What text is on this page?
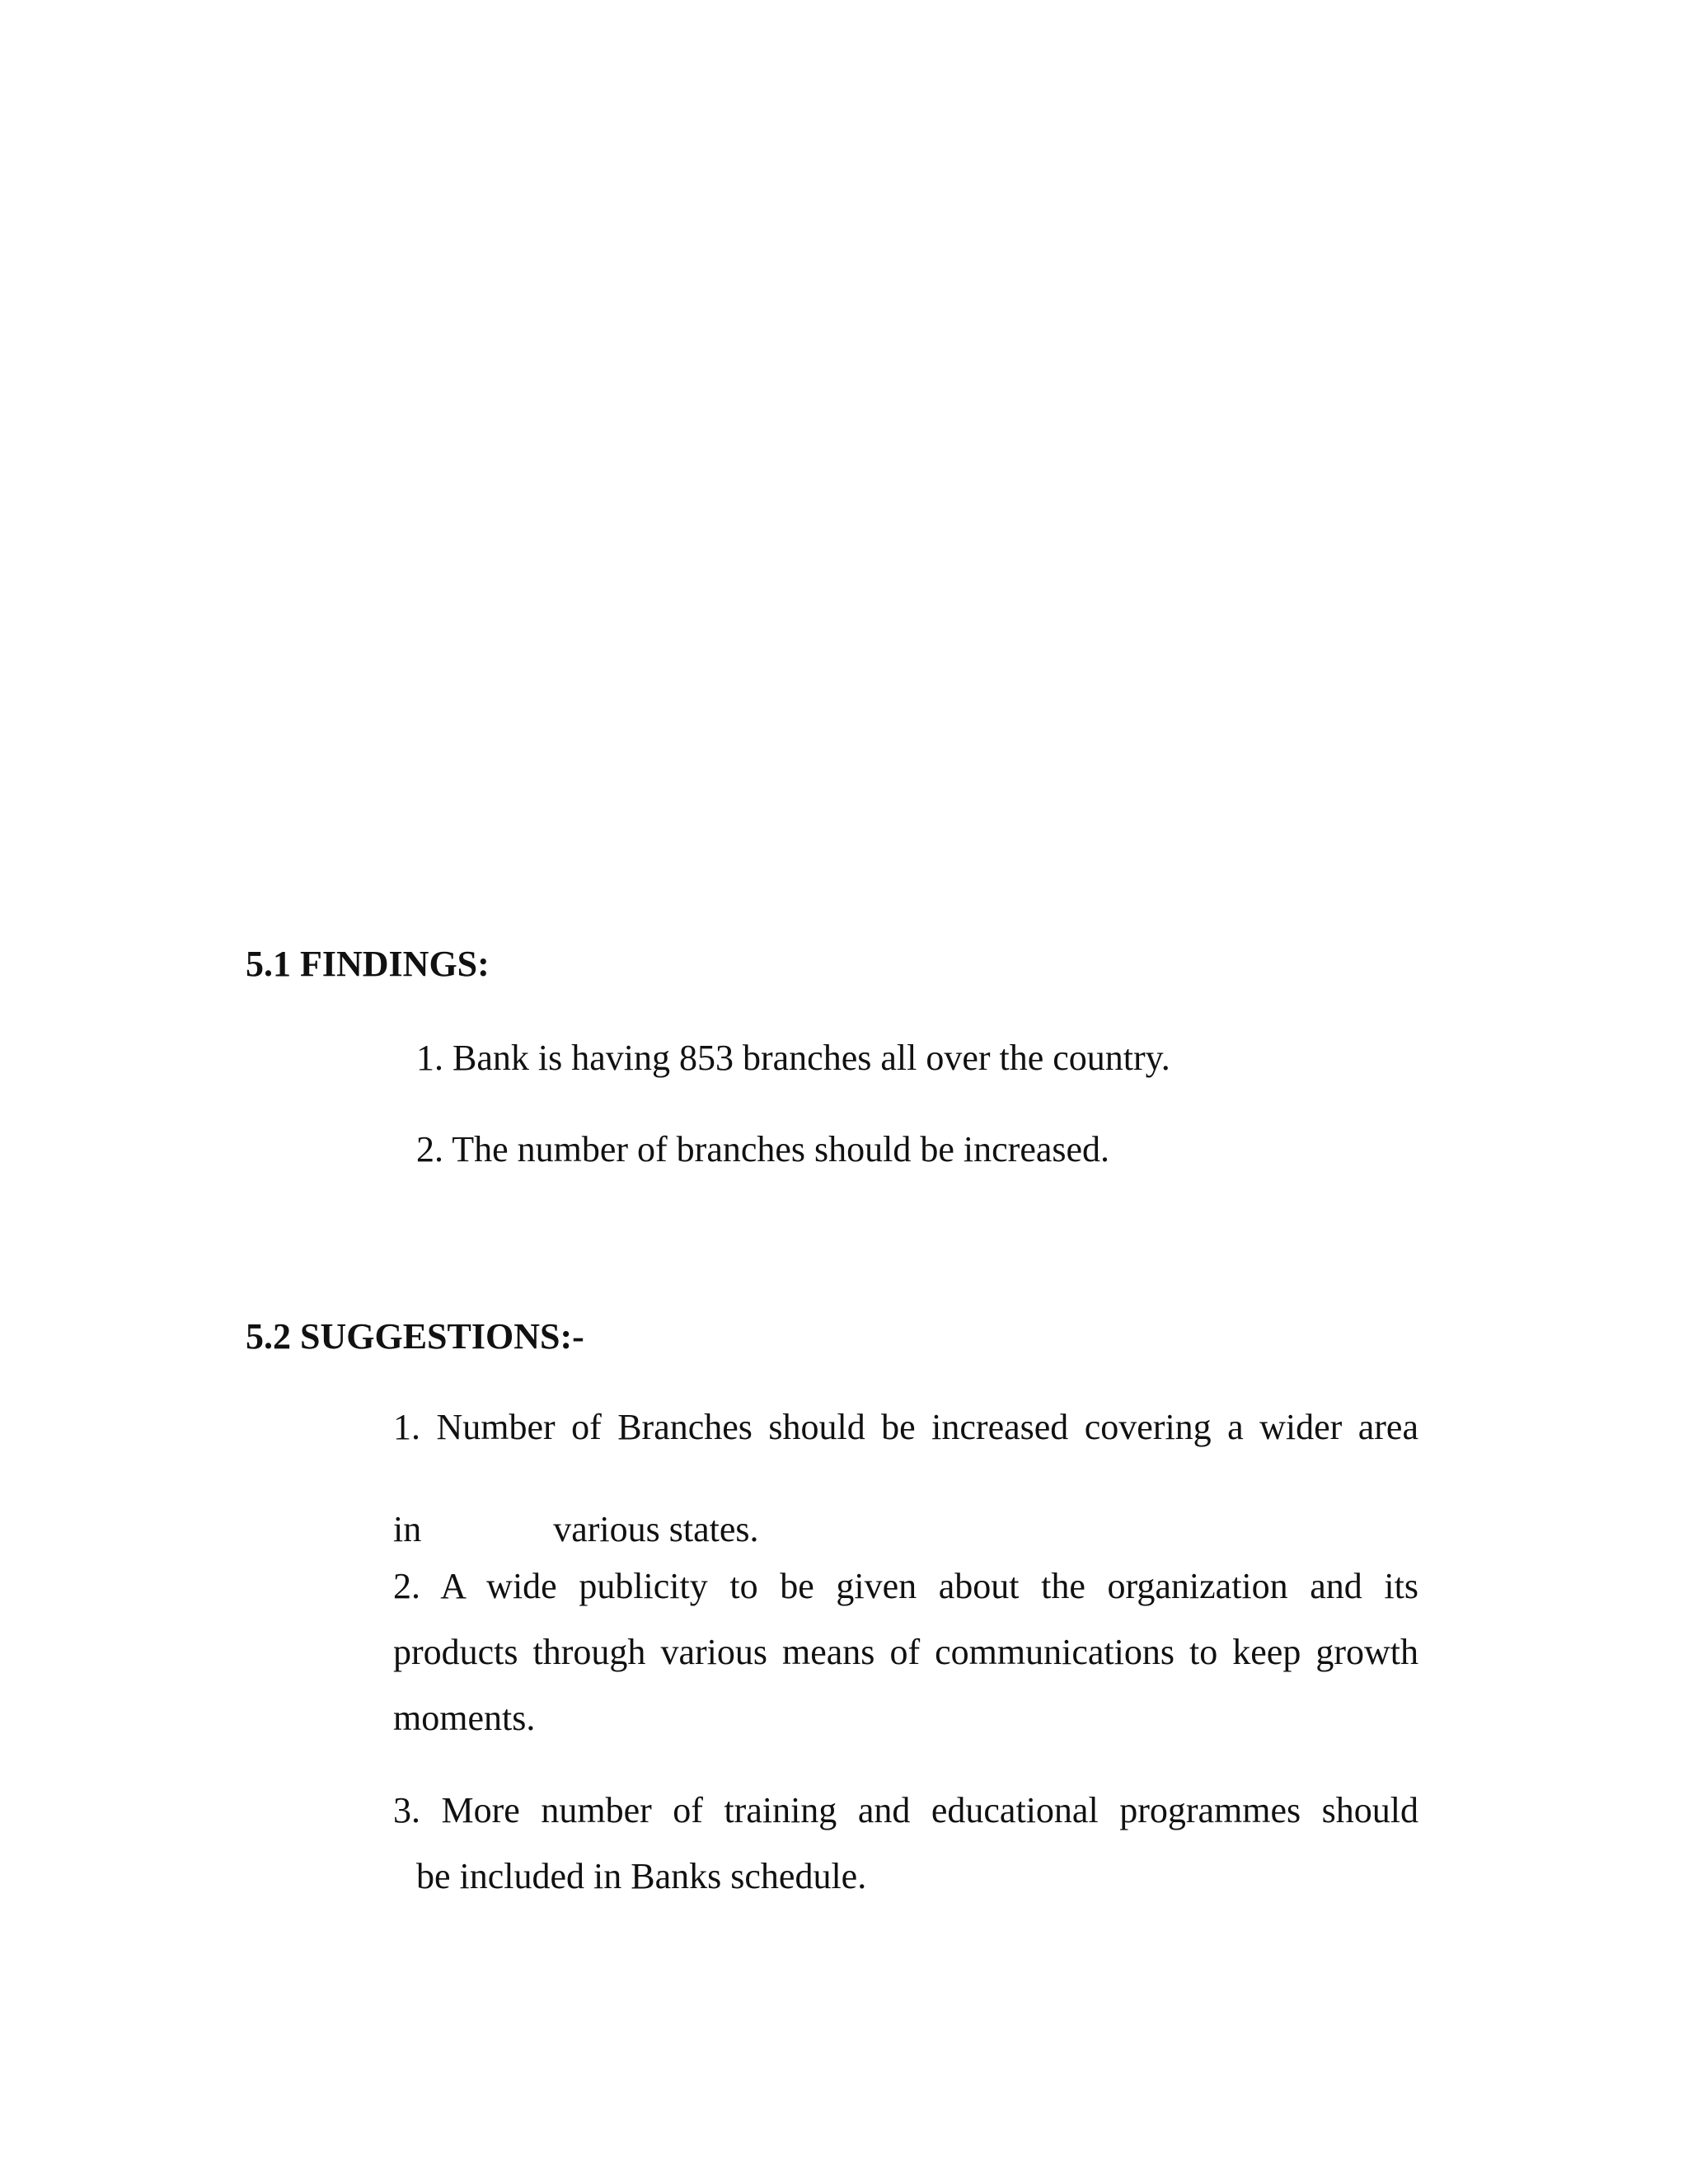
5.1 FINDINGS:

1. Bank is having 853 branches all over the country.

2. The number of branches should be increased.

5.2 SUGGESTIONS:-

1. Number of Branches should be increased covering a wider area

in	various states.

2. A wide publicity to be given about the organization and its

products through various means of communications to keep growth

moments.

3. More number of training and educational programmes should

be included in Banks schedule.
